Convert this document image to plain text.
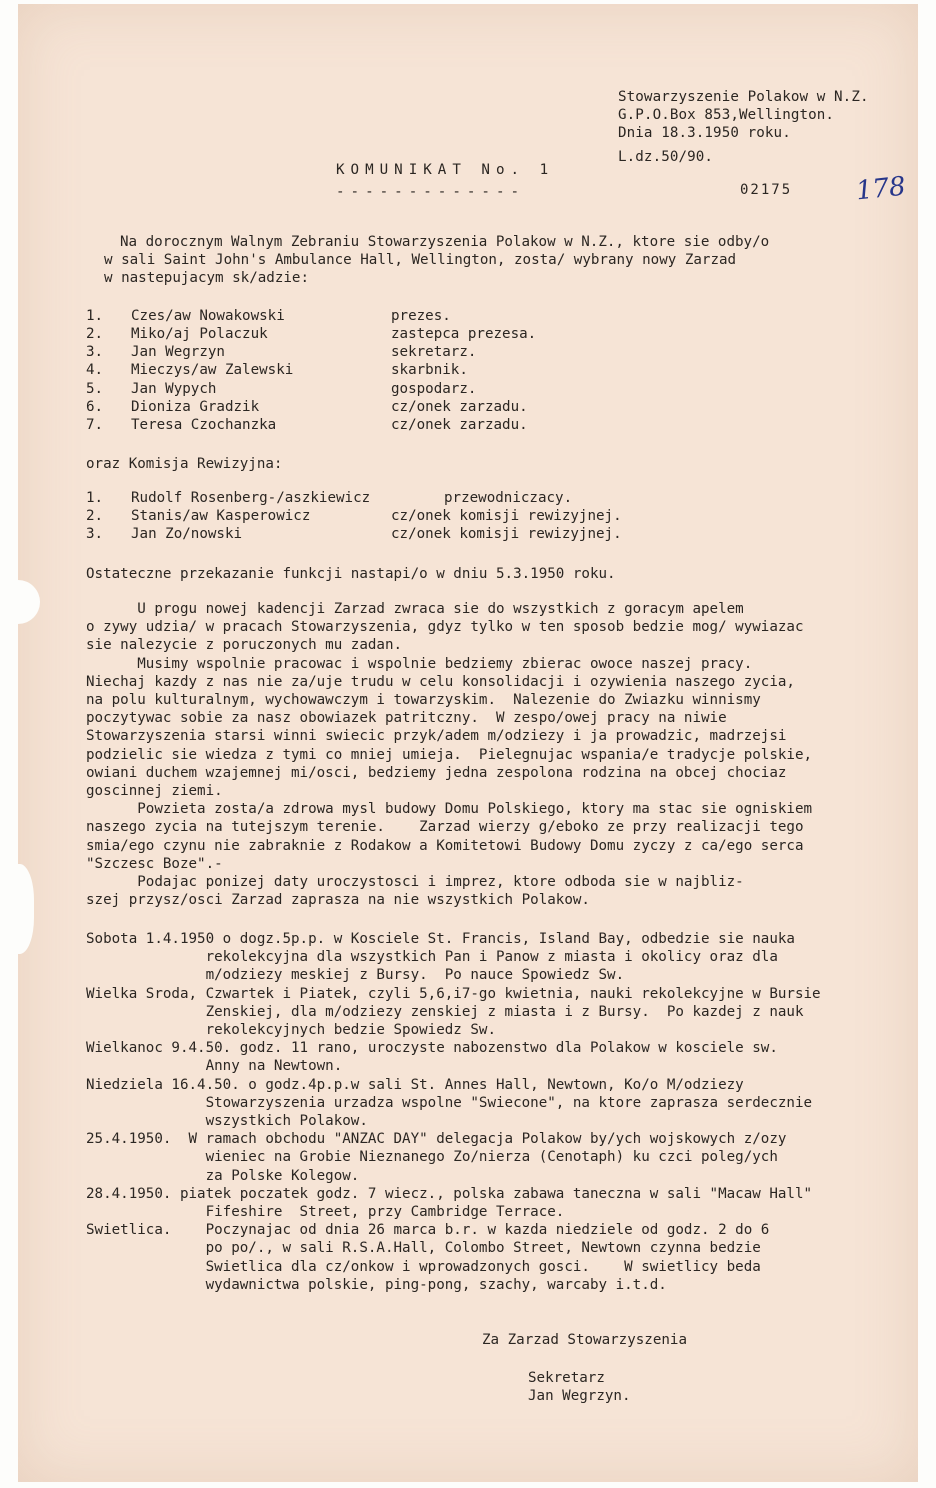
Stowarzyszenie Polakow w N.Z.
G.P.O.Box 853,Wellington.
Dnia 18.3.1950 roku.
L.dz.50/90.
02175 178
KOMUNIKAT No. 1
-------------
Na dorocznym Walnym Zebraniu Stowarzyszenia Polakow w N.Z., ktore sie odby/o
w sali Saint John's Ambulance Hall, Wellington, zosta/ wybrany nowy Zarzad
w nastepujacym sk/adzie:
1. Czes/aw Nowakowski	prezes.
2. Miko/aj Polaczuk	zastepca prezesa.
3. Jan Wegrzyn	sekretarz.
4. Mieczys/aw Zalewski	skarbnik.
5. Jan Wypych	gospodarz.
6. Dioniza Gradzik	cz/onek zarzadu.
7. Teresa Czochanzka	cz/onek zarzadu.
oraz Komisja Rewizyjna:
1. Rudolf Rosenberg-/aszkiewicz	przewodniczacy.
2. Stanis/aw Kasperowicz	cz/onek komisji rewizyjnej.
3. Jan Zo/nowski	cz/onek komisji rewizyjnej.
Ostateczne przekazanie funkcji nastapi/o w dniu 5.3.1950 roku.
U progu nowej kadencji Zarzad zwraca sie do wszystkich z goracym apelem
o zywy udzia/ w pracach Stowarzyszenia, gdyz tylko w ten sposob bedzie mog/ wywiazac
sie nalezycie z poruczonych mu zadan.
Musimy wspolnie pracowac i wspolnie bedziemy zbierac owoce naszej pracy.
Niechaj kazdy z nas nie za/uje trudu w celu konsolidacji i ozywienia naszego zycia,
na polu kulturalnym, wychowawczym i towarzyskim.  Nalezenie do Zwiazku winnismy
poczytywac sobie za nasz obowiazek patritczny.  W zespo/owej pracy na niwie
Stowarzyszenia starsi winni swiecic przyk/adem m/odziezy i ja prowadzic, madrzejsi
podzielic sie wiedza z tymi co mniej umieja.  Pielegnujac wspania/e tradycje polskie,
owiani duchem wzajemnej mi/osci, bedziemy jedna zespolona rodzina na obcej chociaz
goscinnej ziemi.
Powzieta zosta/a zdrowa mysl budowy Domu Polskiego, ktory ma stac sie ogniskiem
naszego zycia na tutejszym terenie.    Zarzad wierzy g/eboko ze przy realizacji tego
smia/ego czynu nie zabraknie z Rodakow a Komitetowi Budowy Domu zyczy z ca/ego serca
"Szczesc Boze".-
Podajac ponizej daty uroczystosci i imprez, ktore odboda sie w najbliz-
szej przysz/osci Zarzad zaprasza na nie wszystkich Polakow.
Sobota 1.4.1950 o dogz.5p.p. w Kosciele St. Francis, Island Bay, odbedzie sie nauka
rekolekcyjna dla wszystkich Pan i Panow z miasta i okolicy oraz dla
m/odziezy meskiej z Bursy.  Po nauce Spowiedz Sw.
Wielka Sroda, Czwartek i Piatek, czyli 5,6,i7-go kwietnia, nauki rekolekcyjne w Bursie
Zenskiej, dla m/odziezy zenskiej z miasta i z Bursy.  Po kazdej z nauk
rekolekcyjnych bedzie Spowiedz Sw.
Wielkanoc 9.4.50. godz. 11 rano, uroczyste nabozenstwo dla Polakow w kosciele sw.
Anny na Newtown.
Niedziela 16.4.50. o godz.4p.p.w sali St. Annes Hall, Newtown, Ko/o M/odziezy
Stowarzyszenia urzadza wspolne "Swiecone", na ktore zaprasza serdecznie
wszystkich Polakow.
25.4.1950.  W ramach obchodu "ANZAC DAY" delegacja Polakow by/ych wojskowych z/ozy
wieniec na Grobie Nieznanego Zo/nierza (Cenotaph) ku czci poleg/ych
za Polske Kolegow.
28.4.1950. piatek poczatek godz. 7 wiecz., polska zabawa taneczna w sali "Macaw Hall"
Fifeshire  Street, przy Cambridge Terrace.
Swietlica.    Poczynajac od dnia 26 marca b.r. w kazda niedziele od godz. 2 do 6
po po/., w sali R.S.A.Hall, Colombo Street, Newtown czynna bedzie
Swietlica dla cz/onkow i wprowadzonych gosci.    W swietlicy beda
wydawnictwa polskie, ping-pong, szachy, warcaby i.t.d.
Za Zarzad Stowarzyszenia
Sekretarz
Jan Wegrzyn.
